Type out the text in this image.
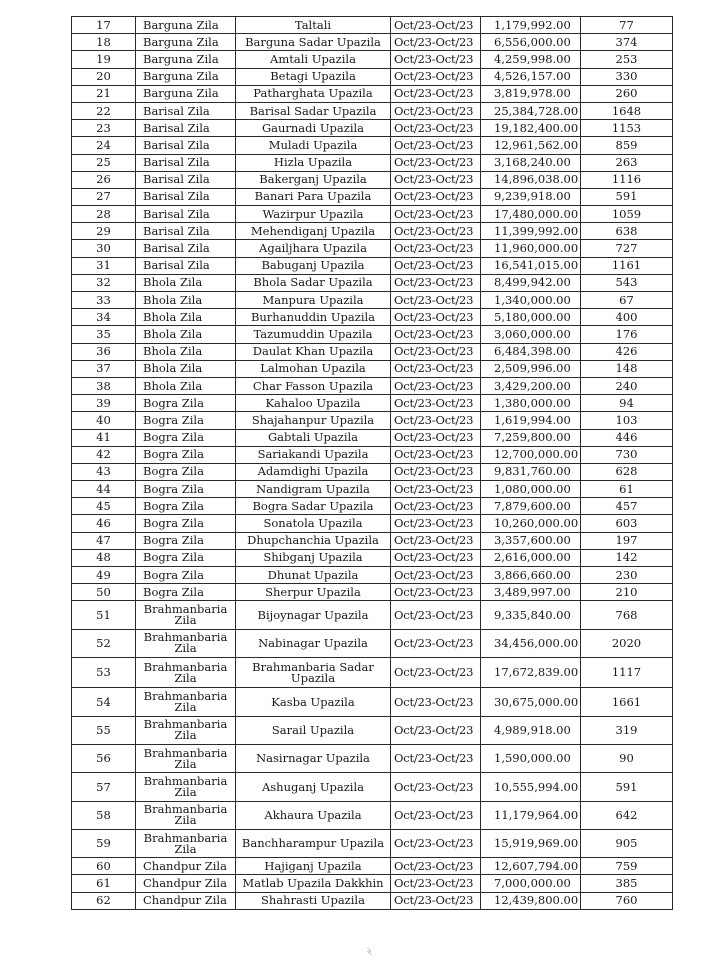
17	Barguna Zila	Taltali	Oct/23-Oct/23	1,179,992.00	77
18	Barguna Zila	Barguna Sadar Upazila	Oct/23-Oct/23	6,556,000.00	374
19	Barguna Zila	Amtali Upazila	Oct/23-Oct/23	4,259,998.00	253
20	Barguna Zila	Betagi Upazila	Oct/23-Oct/23	4,526,157.00	330
21	Barguna Zila	Patharghata Upazila	Oct/23-Oct/23	3,819,978.00	260
22	Barisal Zila	Barisal Sadar Upazila	Oct/23-Oct/23	25,384,728.00	1648
23	Barisal Zila	Gaurnadi Upazila	Oct/23-Oct/23	19,182,400.00	1153
24	Barisal Zila	Muladi Upazila	Oct/23-Oct/23	12,961,562.00	859
25	Barisal Zila	Hizla Upazila	Oct/23-Oct/23	3,168,240.00	263
26	Barisal Zila	Bakerganj Upazila	Oct/23-Oct/23	14,896,038.00	1116
27	Barisal Zila	Banari Para Upazila	Oct/23-Oct/23	9,239,918.00	591
28	Barisal Zila	Wazirpur Upazila	Oct/23-Oct/23	17,480,000.00	1059
29	Barisal Zila	Mehendiganj Upazila	Oct/23-Oct/23	11,399,992.00	638
30	Barisal Zila	Agailjhara Upazila	Oct/23-Oct/23	11,960,000.00	727
31	Barisal Zila	Babuganj Upazila	Oct/23-Oct/23	16,541,015.00	1161
32	Bhola Zila	Bhola Sadar Upazila	Oct/23-Oct/23	8,499,942.00	543
33	Bhola Zila	Manpura Upazila	Oct/23-Oct/23	1,340,000.00	67
34	Bhola Zila	Burhanuddin Upazila	Oct/23-Oct/23	5,180,000.00	400
35	Bhola Zila	Tazumuddin Upazila	Oct/23-Oct/23	3,060,000.00	176
36	Bhola Zila	Daulat Khan Upazila	Oct/23-Oct/23	6,484,398.00	426
37	Bhola Zila	Lalmohan Upazila	Oct/23-Oct/23	2,509,996.00	148
38	Bhola Zila	Char Fasson Upazila	Oct/23-Oct/23	3,429,200.00	240
39	Bogra Zila	Kahaloo Upazila	Oct/23-Oct/23	1,380,000.00	94
40	Bogra Zila	Shajahanpur Upazila	Oct/23-Oct/23	1,619,994.00	103
41	Bogra Zila	Gabtali Upazila	Oct/23-Oct/23	7,259,800.00	446
42	Bogra Zila	Sariakandi Upazila	Oct/23-Oct/23	12,700,000.00	730
43	Bogra Zila	Adamdighi Upazila	Oct/23-Oct/23	9,831,760.00	628
44	Bogra Zila	Nandigram Upazila	Oct/23-Oct/23	1,080,000.00	61
45	Bogra Zila	Bogra Sadar Upazila	Oct/23-Oct/23	7,879,600.00	457
46	Bogra Zila	Sonatola Upazila	Oct/23-Oct/23	10,260,000.00	603
47	Bogra Zila	Dhupchanchia Upazila	Oct/23-Oct/23	3,357,600.00	197
48	Bogra Zila	Shibganj Upazila	Oct/23-Oct/23	2,616,000.00	142
49	Bogra Zila	Dhunat Upazila	Oct/23-Oct/23	3,866,660.00	230
50	Bogra Zila	Sherpur Upazila	Oct/23-Oct/23	3,489,997.00	210
51	Brahmanbaria Zila	Bijoynagar Upazila	Oct/23-Oct/23	9,335,840.00	768
52	Brahmanbaria Zila	Nabinagar Upazila	Oct/23-Oct/23	34,456,000.00	2020
53	Brahmanbaria Zila	Brahmanbaria Sadar Upazila	Oct/23-Oct/23	17,672,839.00	1117
54	Brahmanbaria Zila	Kasba Upazila	Oct/23-Oct/23	30,675,000.00	1661
55	Brahmanbaria Zila	Sarail Upazila	Oct/23-Oct/23	4,989,918.00	319
56	Brahmanbaria Zila	Nasirnagar Upazila	Oct/23-Oct/23	1,590,000.00	90
57	Brahmanbaria Zila	Ashuganj Upazila	Oct/23-Oct/23	10,555,994.00	591
58	Brahmanbaria Zila	Akhaura Upazila	Oct/23-Oct/23	11,179,964.00	642
59	Brahmanbaria Zila	Banchharampur Upazila	Oct/23-Oct/23	15,919,969.00	905
60	Chandpur Zila	Hajiganj Upazila	Oct/23-Oct/23	12,607,794.00	759
61	Chandpur Zila	Matlab Upazila Dakkhin	Oct/23-Oct/23	7,000,000.00	385
62	Chandpur Zila	Shahrasti Upazila	Oct/23-Oct/23	12,439,800.00	760
২
